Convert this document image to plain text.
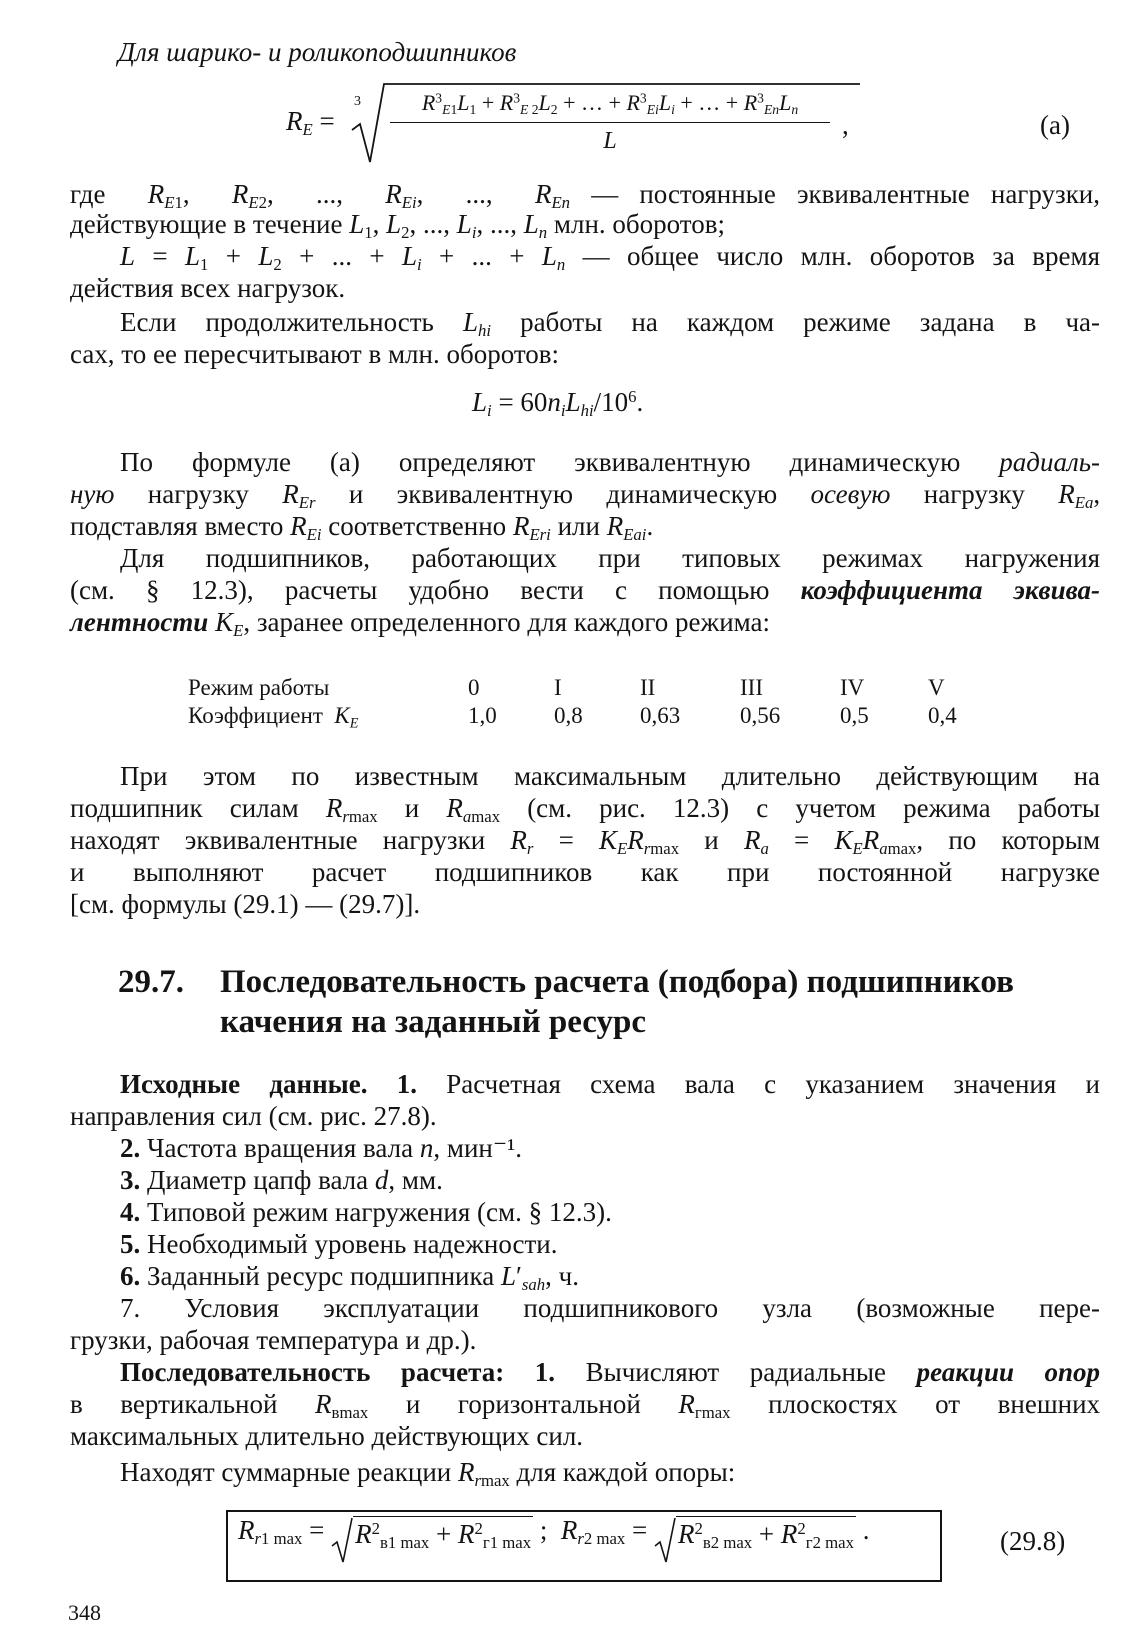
Для шарико- и роликоподшипников
$R_E$ =
3	$R^3_{E1}L_1 + R^3_{E 2}L_2$ + … + $R^3_{Ei}L_i$ + … + $R^3_{En}L_n$
L
,	(a)
где $R_{E1}$,  $R_{E2}$,  ...,  $R_{Ei}$,  ...,  $R_{En}$ — постоянные эквивалентные нагрузки,
действующие в течение $L_1$, $L_2$, ..., $L_i$, ..., $L_n$ млн. оборотов;
$L = L_1 + L_2$ + ... + $L_i$ + ... + $L_n$ — общее число млн. оборотов за время
действия всех нагрузок.
Если продолжительность $L_{hi}$ работы на каждом режиме задана в ча-
сах, то ее пересчитывают в млн. оборотов:
$L_i = 60n_iL_{hi}/10^6$.
По формуле (а) определяют эквивалентную динамическую радиаль-
ную нагрузку $R_{Er}$ и эквивалентную динамическую осевую нагрузку $R_{Ea}$,
подставляя вместо $R_{Ei}$ соответственно $R_{Eri}$ или $R_{Eai}$.
Для подшипников, работающих при типовых режимах нагружения
(см. § 12.3), расчеты удобно вести с помощью коэффициента эквива-
лентности $K_E$, заранее определенного для каждого режима:
Режим работы	0	I	II	III	IV	V
Коэффициент $K_E$	1,0	0,8	0,63	0,56	0,5	0,4
При этом по известным максимальным длительно действующим на
подшипник силам $R_{rmax}$ и $R_{amax}$ (см. рис. 12.3) с учетом режима работы
находят эквивалентные нагрузки $R_r = K_ER_{rmax}$ и $R_a = K_ER_{amax}$, по которым
и выполняют расчет подшипников как при постоянной нагрузке
[см. формулы (29.1) — (29.7)].
29.7. Последовательность расчета (подбора) подшипников
качения на заданный ресурс
Исходные данные. 1. Расчетная схема вала с указанием значения и
направления сил (см. рис. 27.8).
2. Частота вращения вала n, мин⁻¹.
3. Диаметр цапф вала d, мм.
4. Типовой режим нагружения (см. § 12.3).
5. Необходимый уровень надежности.
6. Заданный ресурс подшипника $L'_{sah}$, ч.
7. Условия эксплуатации подшипникового узла (возможные пере-
грузки, рабочая температура и др.).
Последовательность расчета: 1. Вычисляют радиальные реакции опор
в вертикальной $R_{вmax}$ и горизонтальной $R_{гmax}$ плоскостях от внешних
максимальных длительно действующих сил.
Находят суммарные реакции $R_{rmax}$ для каждой опоры:
$R_{r1 max}$ =
$R^2_{в1 max} + R^2_{г1 max}$ ;  $R_{r2 max}$ =
$R^2_{в2 max} + R^2_{г2 max}$ .	(29.8)
348
